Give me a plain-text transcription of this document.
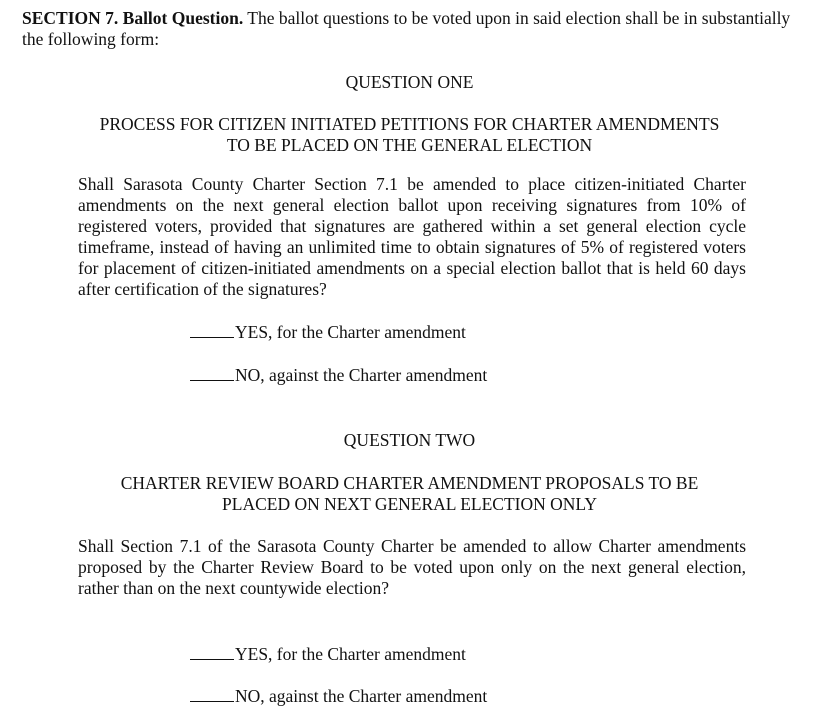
SECTION 7. Ballot Question. The ballot questions to be voted upon in said election shall be in substantially the following form:
QUESTION ONE
PROCESS FOR CITIZEN INITIATED PETITIONS FOR CHARTER AMENDMENTS
TO BE PLACED ON THE GENERAL ELECTION
Shall Sarasota County Charter Section 7.1 be amended to place citizen-initiated Charter amendments on the next general election ballot upon receiving signatures from 10% of registered voters, provided that signatures are gathered within a set general election cycle timeframe, instead of having an unlimited time to obtain signatures of 5% of registered voters for placement of citizen-initiated amendments on a special election ballot that is held 60 days after certification of the signatures?
YES, for the Charter amendment
NO, against the Charter amendment
QUESTION TWO
CHARTER REVIEW BOARD CHARTER AMENDMENT PROPOSALS TO BE
PLACED ON NEXT GENERAL ELECTION ONLY
Shall Section 7.1 of the Sarasota County Charter be amended to allow Charter amendments proposed by the Charter Review Board to be voted upon only on the next general election, rather than on the next countywide election?
YES, for the Charter amendment
NO, against the Charter amendment
